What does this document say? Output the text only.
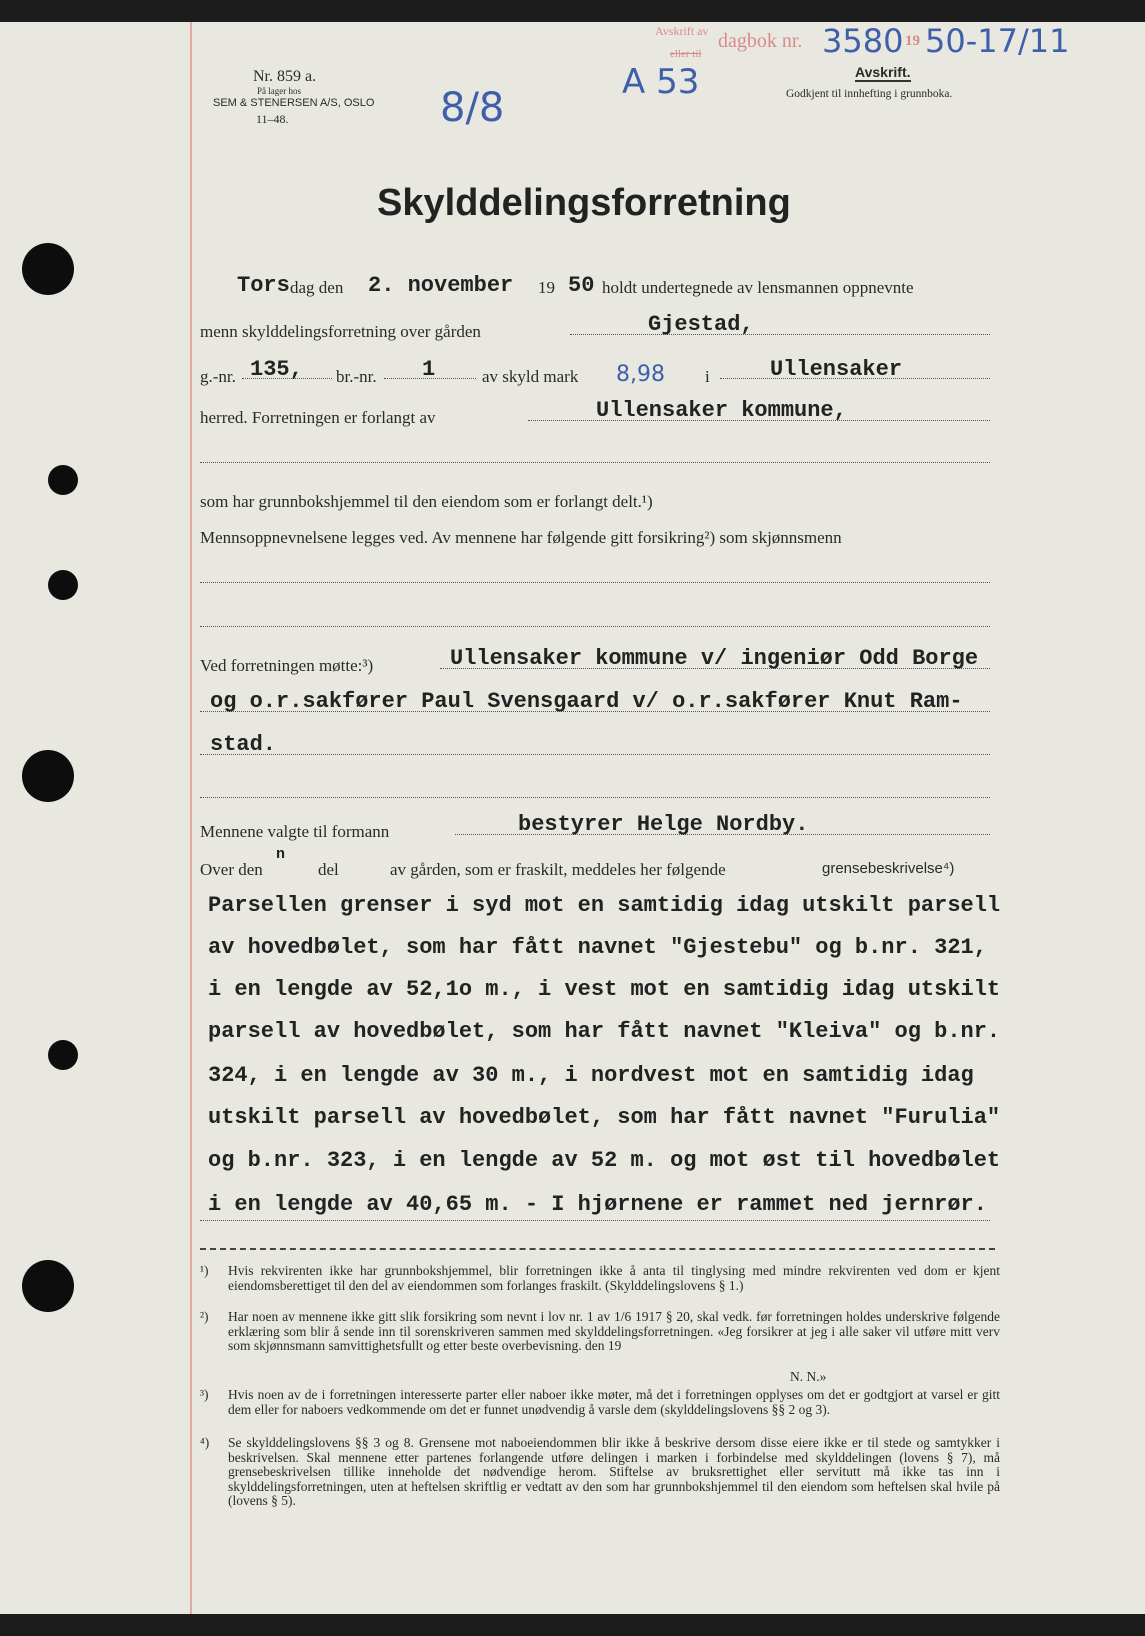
Nr. 859 a.
På lager hos
SEM & STENERSEN A/S, OSLO
11–48.	8/8
Avskrift av
eller til
dagbok nr. 3580 19 50-17/11
A 53	Avskrift.
Godkjent til innhefting i grunnboka.
Skylddelingsforretning
Tors dag den 2. november 19 50 holdt undertegnede av lensmannen oppnevnte
menn skylddelingsforretning over gården	Gjestad,
g.-nr. 135, br.-nr. 1	av skyld mark 8,98 i	Ullensaker
herred. Forretningen er forlangt av	Ullensaker kommune,
som har grunnbokshjemmel til den eiendom som er forlangt delt.¹)
Mennsoppnevnelsene legges ved. Av mennene har følgende gitt forsikring²) som skjønnsmenn
Ved forretningen møtte:³)	Ullensaker kommune v/ ingeniør Odd Borge
og o.r.sakfører Paul Svensgaard v/ o.r.sakfører Knut Ram-
stad.
Mennene valgte til formann	bestyrer Helge Nordby.
Over den
n
del	av gården, som er fraskilt, meddeles her følgende	grensebeskrivelse⁴)
Parsellen grenser i syd mot en samtidig idag utskilt parsell
av hovedbølet, som har fått navnet "Gjestebu" og b.nr. 321,
i en lengde av 52,1o m., i vest mot en samtidig idag utskilt
parsell av hovedbølet, som har fått navnet "Kleiva" og b.nr.
324, i en lengde av 30 m., i nordvest mot en samtidig idag
utskilt parsell av hovedbølet, som har fått navnet "Furulia"
og b.nr. 323, i en lengde av 52 m. og mot øst til hovedbølet
i en lengde av 40,65 m. - I hjørnene er rammet ned jernrør.
¹) Hvis rekvirenten ikke har grunnbokshjemmel, blir forretningen ikke å anta til tinglysing med mindre rekvirenten ved dom er kjent eiendomsberettiget til den del av eiendommen som forlanges fraskilt. (Skylddelingslovens § 1.)
²) Har noen av mennene ikke gitt slik forsikring som nevnt i lov nr. 1 av 1/6 1917 § 20, skal vedk. før forretningen holdes underskrive følgende erklæring som blir å sende inn til sorenskriveren sammen med skylddelingsforretningen. «Jeg forsikrer at jeg i alle saker vil utføre mitt verv som skjønnsmann samvittighetsfullt og etter beste overbevisning. den 19
N. N.»
³) Hvis noen av de i forretningen interesserte parter eller naboer ikke møter, må det i forretningen opplyses om det er godtgjort at varsel er gitt dem eller for naboers vedkommende om det er funnet unødvendig å varsle dem (skylddelingslovens §§ 2 og 3).
⁴) Se skylddelingslovens §§ 3 og 8. Grensene mot naboeiendommen blir ikke å beskrive dersom disse eiere ikke er til stede og samtykker i beskrivelsen. Skal mennene etter partenes forlangende utføre delingen i marken i forbindelse med skylddelingen (lovens § 7), må grensebeskrivelsen tillike inneholde det nødvendige herom. Stiftelse av bruksrettighet eller servitutt må ikke tas inn i skylddelingsforretningen, uten at heftelsen skriftlig er vedtatt av den som har grunnbokshjemmel til den eiendom som heftelsen skal hvile på (lovens § 5).
